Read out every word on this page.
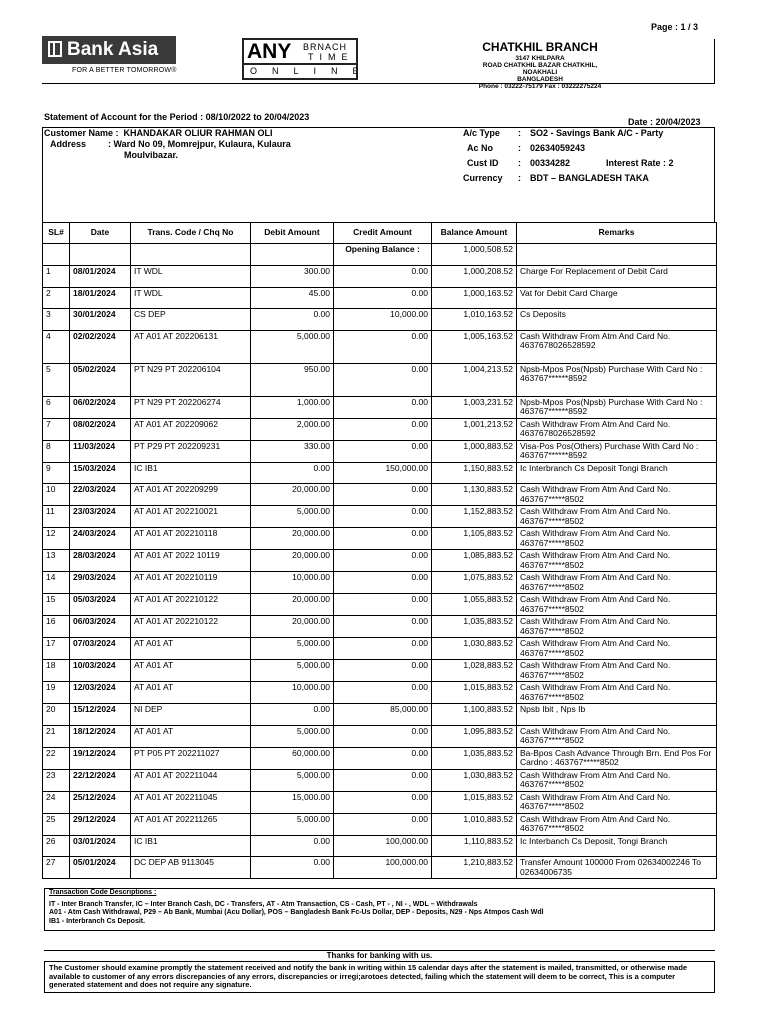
Page : 1 / 3
Bank Asia
FOR A BETTER TOMORROW®
ANY BRNACH
TIME
ONLINE
CHATKHIL BRANCH
3147 KHILPARA
ROAD CHATKHIL BAZAR CHATKHIL,
NOAKHALI
BANGLADESH
Phone : 03222-75179 Fax : 03222275224
Statement of Account for the Period : 08/10/2022 to 20/04/2023	Date : 20/04/2023
Customer Name : KHANDAKAR OLIUR RAHMAN OLI
Address : Ward No 09, Momrejpur, Kulaura, Kulaura
Moulvibazar.
A/c Type	:	SO2 - Savings Bank A/C - Party
Ac No	:	02634059243
Cust ID	:	00334282	Interest Rate : 2
Currency	:	BDT – BANGLADESH TAKA
SL#	Date	Trans. Code / Chq No	Debit Amount	Credit Amount	Balance Amount	Remarks
				Opening Balance :	1,000,508.52	
1	08/01/2024	IT WDL	300.00	0.00	1,000,208.52	Charge For Replacement of Debit Card
2	18/01/2024	IT WDL	45.00	0.00	1,000,163.52	Vat for Debit Card Charge
3	30/01/2024	CS DEP	0.00	10,000.00	1,010,163.52	Cs Deposits
4	02/02/2024	AT A01 AT 202206131	5,000.00	0.00	1,005,163.52	Cash Withdraw From Atm And Card No. 4637678026528592
5	05/02/2024	PT N29 PT 202206104	950.00	0.00	1,004,213.52	Npsb-Mpos Pos(Npsb) Purchase With Card No : 463767******8592
6	06/02/2024	PT N29 PT 202206274	1,000.00	0.00	1,003,231.52	Npsb-Mpos Pos(Npsb) Purchase With Card No : 463767******8592
7	08/02/2024	AT A01 AT 202209062	2,000.00	0.00	1,001,213.52	Cash Withdraw From Atm And Card No. 4637678026528592
8	11/03/2024	PT P29 PT 202209231	330.00	0.00	1,000,883.52	Visa-Pos Pos(Others) Purchase With Card No : 463767******8592
9	15/03/2024	IC IB1	0.00	150,000.00	1,150,883.52	Ic Interbranch Cs Deposit Tongi Branch
10	22/03/2024	AT A01 AT 202209299	20,000.00	0.00	1,130,883.52	Cash Withdraw From Atm And Card No. 463767*****8502
11	23/03/2024	AT A01 AT 202210021	5,000.00	0.00	1,152,883.52	Cash Withdraw From Atm And Card No. 463767*****8502
12	24/03/2024	AT A01 AT 202210118	20,000.00	0.00	1,105,883.52	Cash Withdraw From Atm And Card No. 463767*****8502
13	28/03/2024	AT A01 AT 2022 10119	20,000.00	0.00	1,085,883.52	Cash Withdraw From Atm And Card No. 463767*****8502
14	29/03/2024	AT A01 AT 202210119	10,000.00	0.00	1,075,883.52	Cash Withdraw From Atm And Card No. 463767*****8502
15	05/03/2024	AT A01 AT 202210122	20,000.00	0.00	1,055,883.52	Cash Withdraw From Atm And Card No. 463767*****8502
16	06/03/2024	AT A01 AT 202210122	20,000.00	0.00	1,035,883.52	Cash Withdraw From Atm And Card No. 463767*****8502
17	07/03/2024	AT A01 AT	5,000.00	0.00	1,030,883.52	Cash Withdraw From Atm And Card No. 463767*****8502
18	10/03/2024	AT A01 AT	5,000.00	0.00	1,028,883.52	Cash Withdraw From Atm And Card No. 463767*****8502
19	12/03/2024	AT A01 AT	10,000.00	0.00	1,015,883.52	Cash Withdraw From Atm And Card No. 463767*****8502
20	15/12/2024	NI DEP	0.00	85,000.00	1,100,883.52	Npsb Ibit , Nps Ib
21	18/12/2024	AT A01 AT	5,000.00	0.00	1,095,883.52	Cash Withdraw From Atm And Card No. 463767*****8502
22	19/12/2024	PT P05 PT 202211027	60,000.00	0.00	1,035,883.52	Ba-Bpos Cash Advance Through Brn. End Pos For Cardno : 463767*****8502
23	22/12/2024	AT A01 AT 202211044	5,000.00	0.00	1,030,883.52	Cash Withdraw From Atm And Card No. 463767*****8502
24	25/12/2024	AT A01 AT 202211045	15,000.00	0.00	1,015,883.52	Cash Withdraw From Atm And Card No. 463767*****8502
25	29/12/2024	AT A01 AT 202211265	5,000.00	0.00	1,010,883.52	Cash Withdraw From Atm And Card No. 463767*****8502
26	03/01/2024	IC IB1	0.00	100,000.00	1,110,883.52	Ic Interbanch Cs Deposit, Tongi Branch
27	05/01/2024	DC DEP AB 9113045	0.00	100,000.00	1,210,883.52	Transfer Amount 100000 From 02634002246 To 02634006735
Transaction Code Descriptions :
IT - Inter Branch Transfer, IC – Inter Branch Cash, DC - Transfers, AT - Atm Transaction, CS - Cash, PT - , NI - , WDL – Withdrawals
A01 - Atm Cash Withdrawal, P29 – Ab Bank, Mumbai (Acu Dollar), POS – Bangladesh Bank Fc-Us Dollar, DEP - Deposits, N29 - Nps Atmpos Cash Wdl
IB1 - Interbranch Cs Deposit.
Thanks for banking with us.
The Customer should examine promptly the statement received and notify the bank in writing within 15 calendar days after the statement is mailed, transmitted, or otherwise made available to customer of any errors discrepancies of any errors, discrepancies or irregi;arotoes detected, failing which the statement will deem to be correct, This is a computer generated statement and does not require any signature.
